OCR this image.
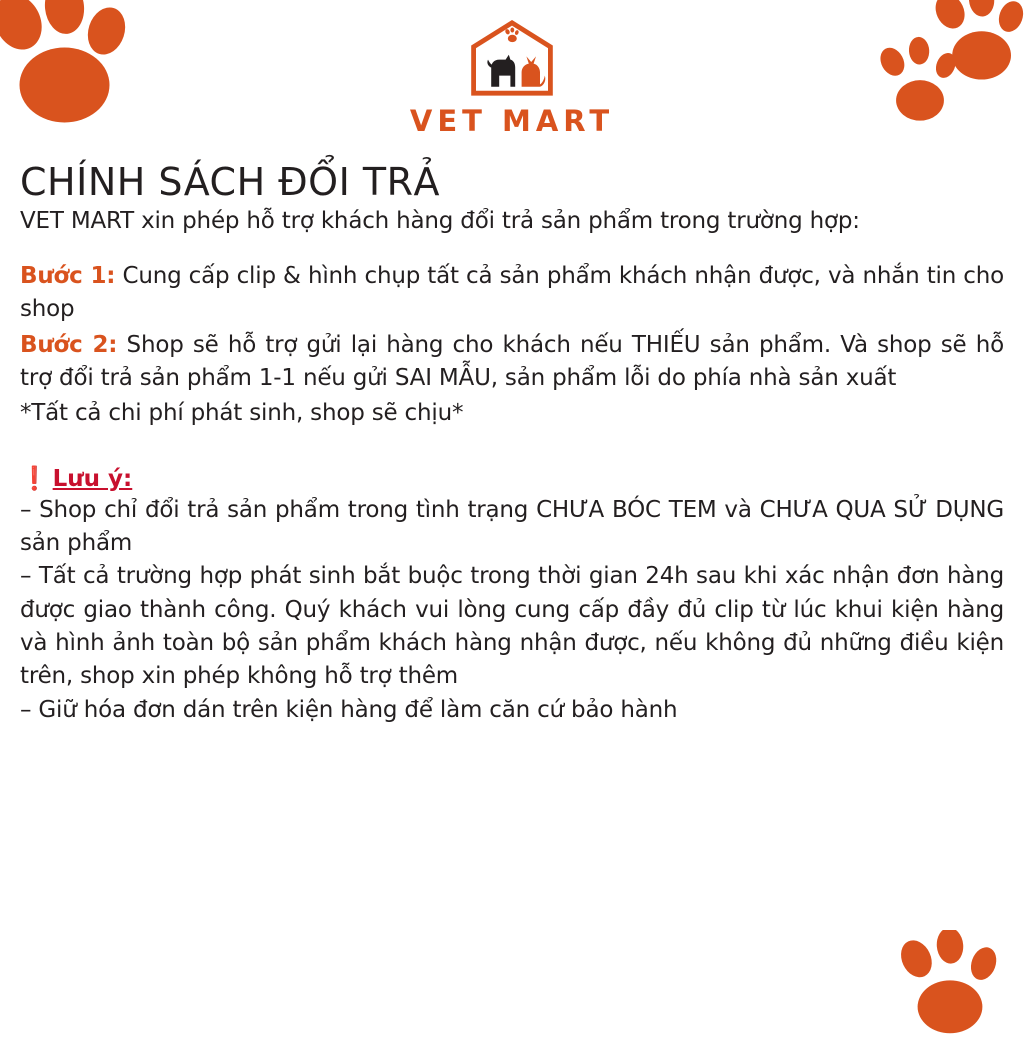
VET MART
CHÍNH SÁCH ĐỔI TRẢ

VET MART xin phép hỗ trợ khách hàng đổi trả sản phẩm trong trường hợp:

Bước 1: Cung cấp clip & hình chụp tất cả sản phẩm khách nhận được, và nhắn tin cho shop

Bước 2: Shop sẽ hỗ trợ gửi lại hàng cho khách nếu THIẾU sản phẩm. Và shop sẽ hỗ trợ đổi trả sản phẩm 1-1 nếu gửi SAI MẪU, sản phẩm lỗi do phía nhà sản xuất

*Tất cả chi phí phát sinh, shop sẽ chịu*

❗ Lưu ý:

– Shop chỉ đổi trả sản phẩm trong tình trạng CHƯA BÓC TEM và CHƯA QUA SỬ DỤNG sản phẩm

– Tất cả trường hợp phát sinh bắt buộc trong thời gian 24h sau khi xác nhận đơn hàng được giao thành công. Quý khách vui lòng cung cấp đầy đủ clip từ lúc khui kiện hàng và hình ảnh toàn bộ sản phẩm khách hàng nhận được, nếu không đủ những điều kiện trên, shop xin phép không hỗ trợ thêm

– Giữ hóa đơn dán trên kiện hàng để làm căn cứ bảo hành
